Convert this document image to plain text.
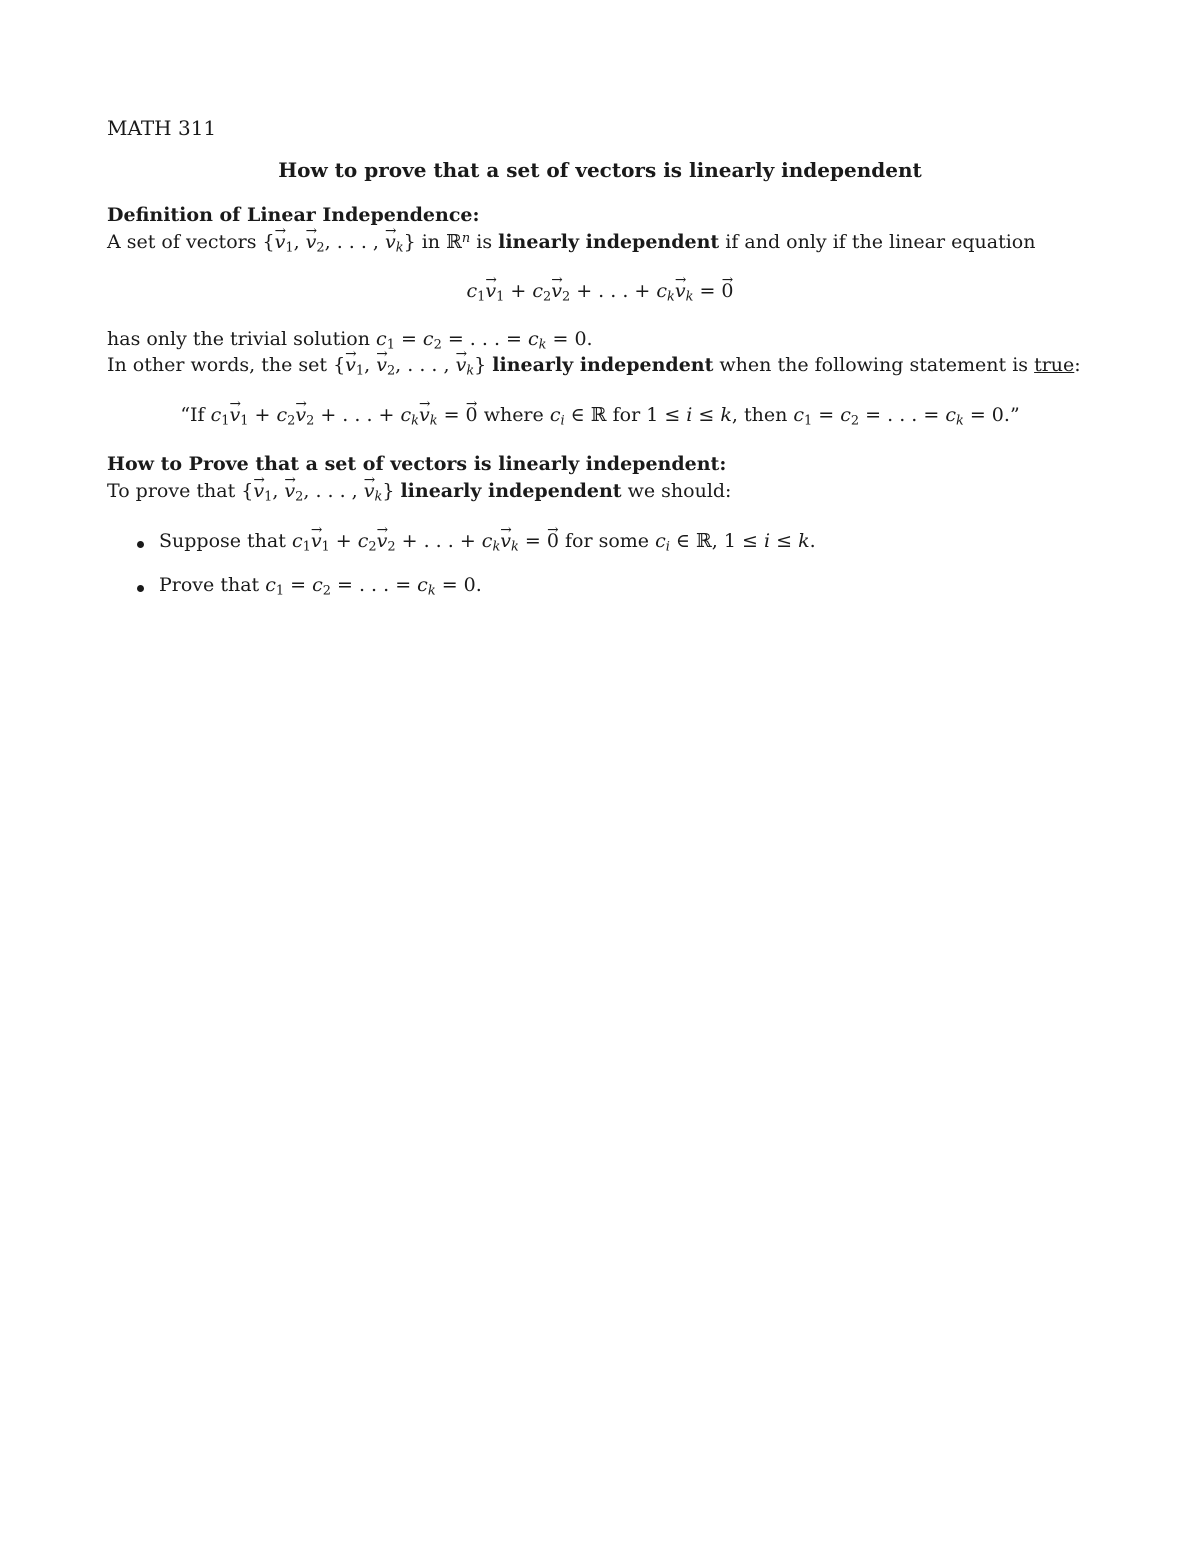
MATH 311
How to prove that a set of vectors is linearly independent
Definition of Linear Independence:
A set of vectors {→ $v_1$, → $v_2$, . . . , → $v_k$} in ℝ$^n$ is linearly independent if and only if the linear equation
$c_1\to v_1 + c_2\to v_2$ + . . . + $c_k\to v_k$ = → 0
has only the trivial solution $c_1 = c_2$ = . . . = $c_k = 0$.
In other words, the set {→ $v_1$, → $v_2$, . . . , → $v_k$} linearly independent when the following statement is true:
“If $c_1\to v_1 + c_2\to v_2$ + . . . + $c_k\to v_k$ = → 0 where $c_i$ ∈ ℝ for 1 ≤ i ≤ k, then $c_1 = c_2$ = . . . = $c_k = 0$.”
How to Prove that a set of vectors is linearly independent:
To prove that {→ $v_1$, → $v_2$, . . . , → $v_k$} linearly independent we should:
Suppose that $c_1\to v_1 + c_2\to v_2$ + . . . + $c_k\to v_k$ = → 0 for some $c_i$ ∈ ℝ, 1 ≤ i ≤ k.
Prove that $c_1 = c_2$ = . . . = $c_k = 0$.
